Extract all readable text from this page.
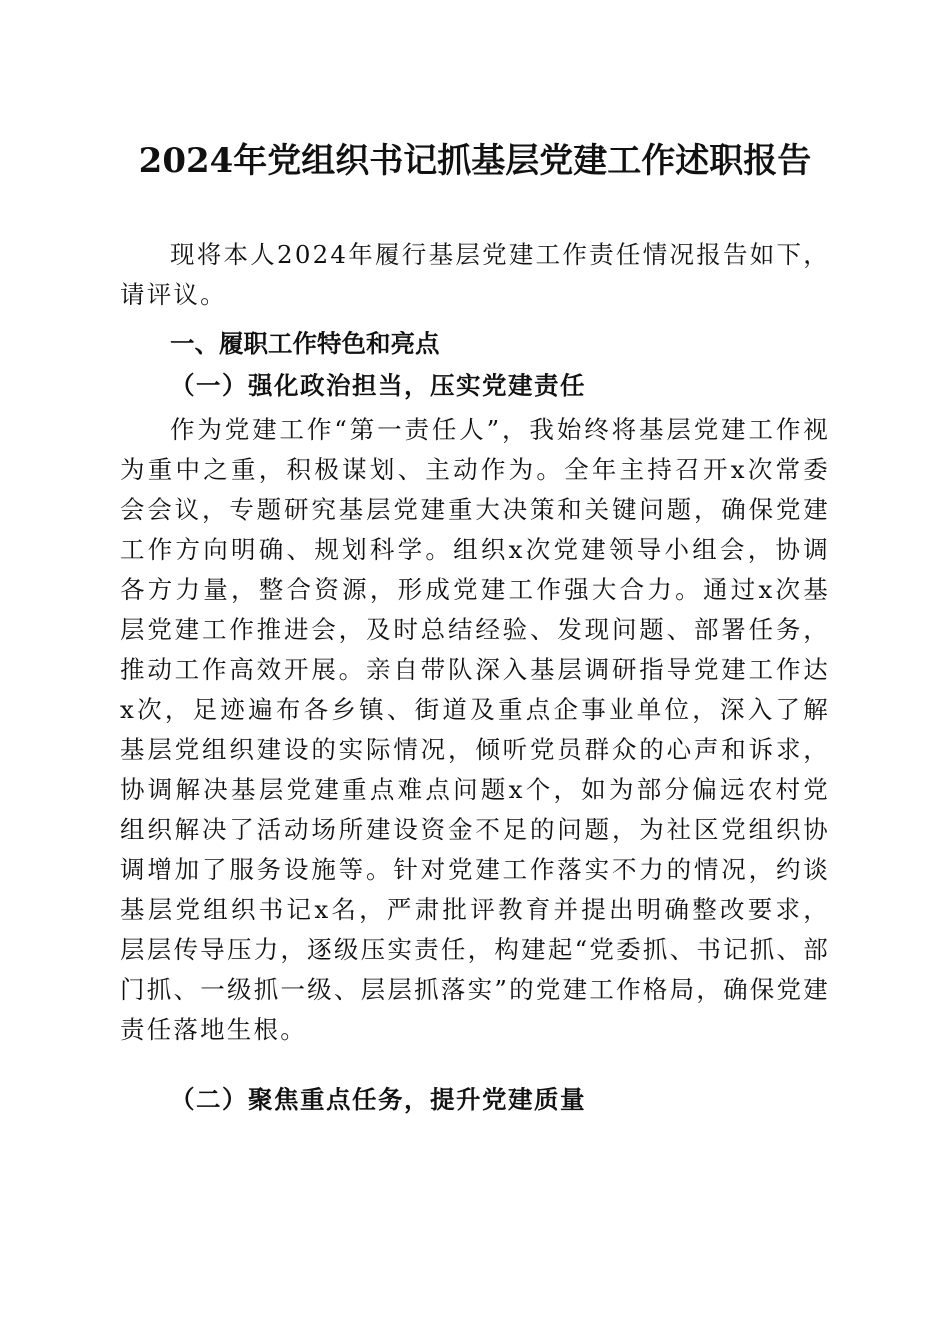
2024年党组织书记抓基层党建工作述职报告
现将本人2024年履行基层党建工作责任情况报告如下，请评议。
一、履职工作特色和亮点
（一）强化政治担当，压实党建责任
作为党建工作“第一责任人”，我始终将基层党建工作视为重中之重，积极谋划、主动作为。全年主持召开x次常委会会议，专题研究基层党建重大决策和关键问题，确保党建工作方向明确、规划科学。组织x次党建领导小组会，协调各方力量，整合资源，形成党建工作强大合力。通过x次基层党建工作推进会，及时总结经验、发现问题、部署任务，推动工作高效开展。亲自带队深入基层调研指导党建工作达x次，足迹遍布各乡镇、街道及重点企事业单位，深入了解基层党组织建设的实际情况，倾听党员群众的心声和诉求，协调解决基层党建重点难点问题x个，如为部分偏远农村党组织解决了活动场所建设资金不足的问题，为社区党组织协调增加了服务设施等。针对党建工作落实不力的情况，约谈基层党组织书记x名，严肃批评教育并提出明确整改要求，层层传导压力，逐级压实责任，构建起“党委抓、书记抓、部门抓、一级抓一级、层层抓落实”的党建工作格局，确保党建责任落地生根。
（二）聚焦重点任务，提升党建质量
